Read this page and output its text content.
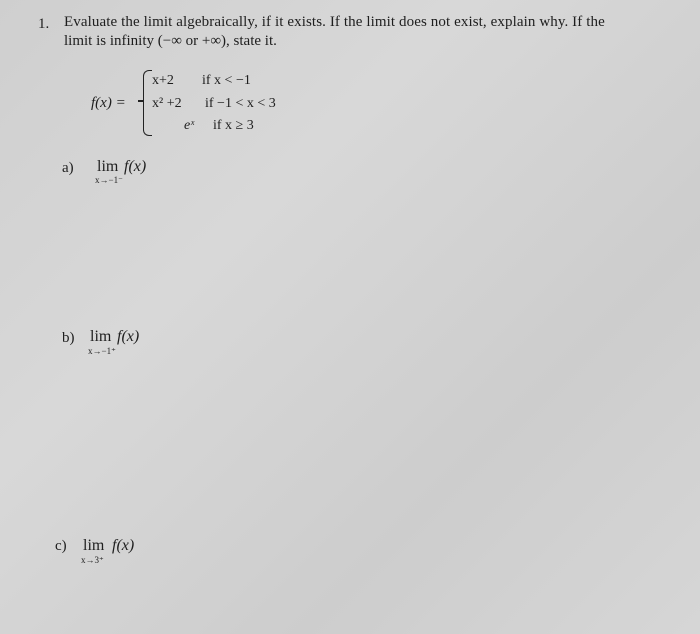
1. Evaluate the limit algebraically, if it exists. If the limit does not exist, explain why. If the
limit is infinity (−∞ or +∞), state it.
f(x) =
x+2 if x < −1
x² +2 if −1 < x < 3
eˣ if x ≥ 3
a) lim
x→−1⁻
f(x)
b) lim
x→−1⁺
f(x)
c) lim
x→3⁺
f(x)
